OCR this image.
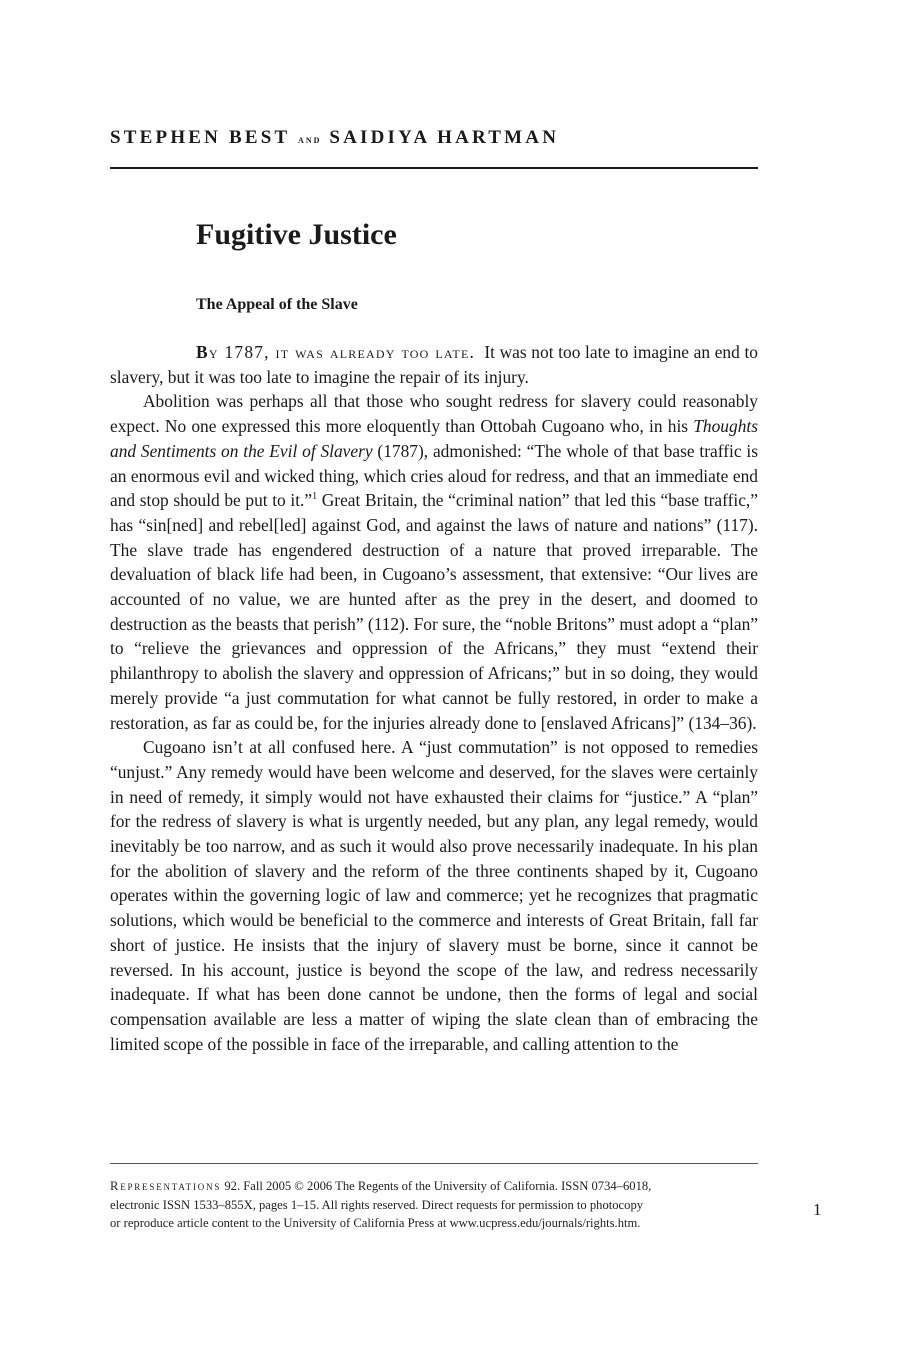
STEPHEN BEST and SAIDIYA HARTMAN
Fugitive Justice
The Appeal of the Slave

By 1787, it was already too late. It was not too late to imagine an end to slavery, but it was too late to imagine the repair of its injury.

Abolition was perhaps all that those who sought redress for slavery could reasonably expect. No one expressed this more eloquently than Ottobah Cugoano who, in his Thoughts and Sentiments on the Evil of Slavery (1787), admonished: “The whole of that base traffic is an enormous evil and wicked thing, which cries aloud for redress, and that an immediate end and stop should be put to it.”$^1$ Great Britain, the “criminal nation” that led this “base traffic,” has “sin[ned] and rebel[led] against God, and against the laws of nature and nations” (117). The slave trade has engendered destruction of a nature that proved irreparable. The devaluation of black life had been, in Cugoano’s assessment, that extensive: “Our lives are accounted of no value, we are hunted after as the prey in the desert, and doomed to destruction as the beasts that perish” (112). For sure, the “noble Britons” must adopt a “plan” to “relieve the grievances and oppression of the Africans,” they must “extend their philanthropy to abolish the slavery and oppression of Africans;” but in so doing, they would merely provide “a just commutation for what cannot be fully restored, in order to make a restoration, as far as could be, for the injuries already done to [enslaved Africans]” (134–36).

Cugoano isn’t at all confused here. A “just commutation” is not opposed to remedies “unjust.” Any remedy would have been welcome and deserved, for the slaves were certainly in need of remedy, it simply would not have exhausted their claims for “justice.” A “plan” for the redress of slavery is what is urgently needed, but any plan, any legal remedy, would inevitably be too narrow, and as such it would also prove necessarily inadequate. In his plan for the abolition of slavery and the reform of the three continents shaped by it, Cugoano operates within the governing logic of law and commerce; yet he recognizes that pragmatic solutions, which would be beneficial to the commerce and interests of Great Britain, fall far short of justice. He insists that the injury of slavery must be borne, since it cannot be reversed. In his account, justice is beyond the scope of the law, and redress necessarily inadequate. If what has been done cannot be undone, then the forms of legal and social compensation available are less a matter of wiping the slate clean than of embracing the limited scope of the possible in face of the irreparable, and calling attention to the

Representations 92. Fall 2005 © 2006 The Regents of the University of California. ISSN 0734–6018,
electronic ISSN 1533–855X, pages 1–15. All rights reserved. Direct requests for permission to photocopy
or reproduce article content to the University of California Press at www.ucpress.edu/journals/rights.htm.
1
